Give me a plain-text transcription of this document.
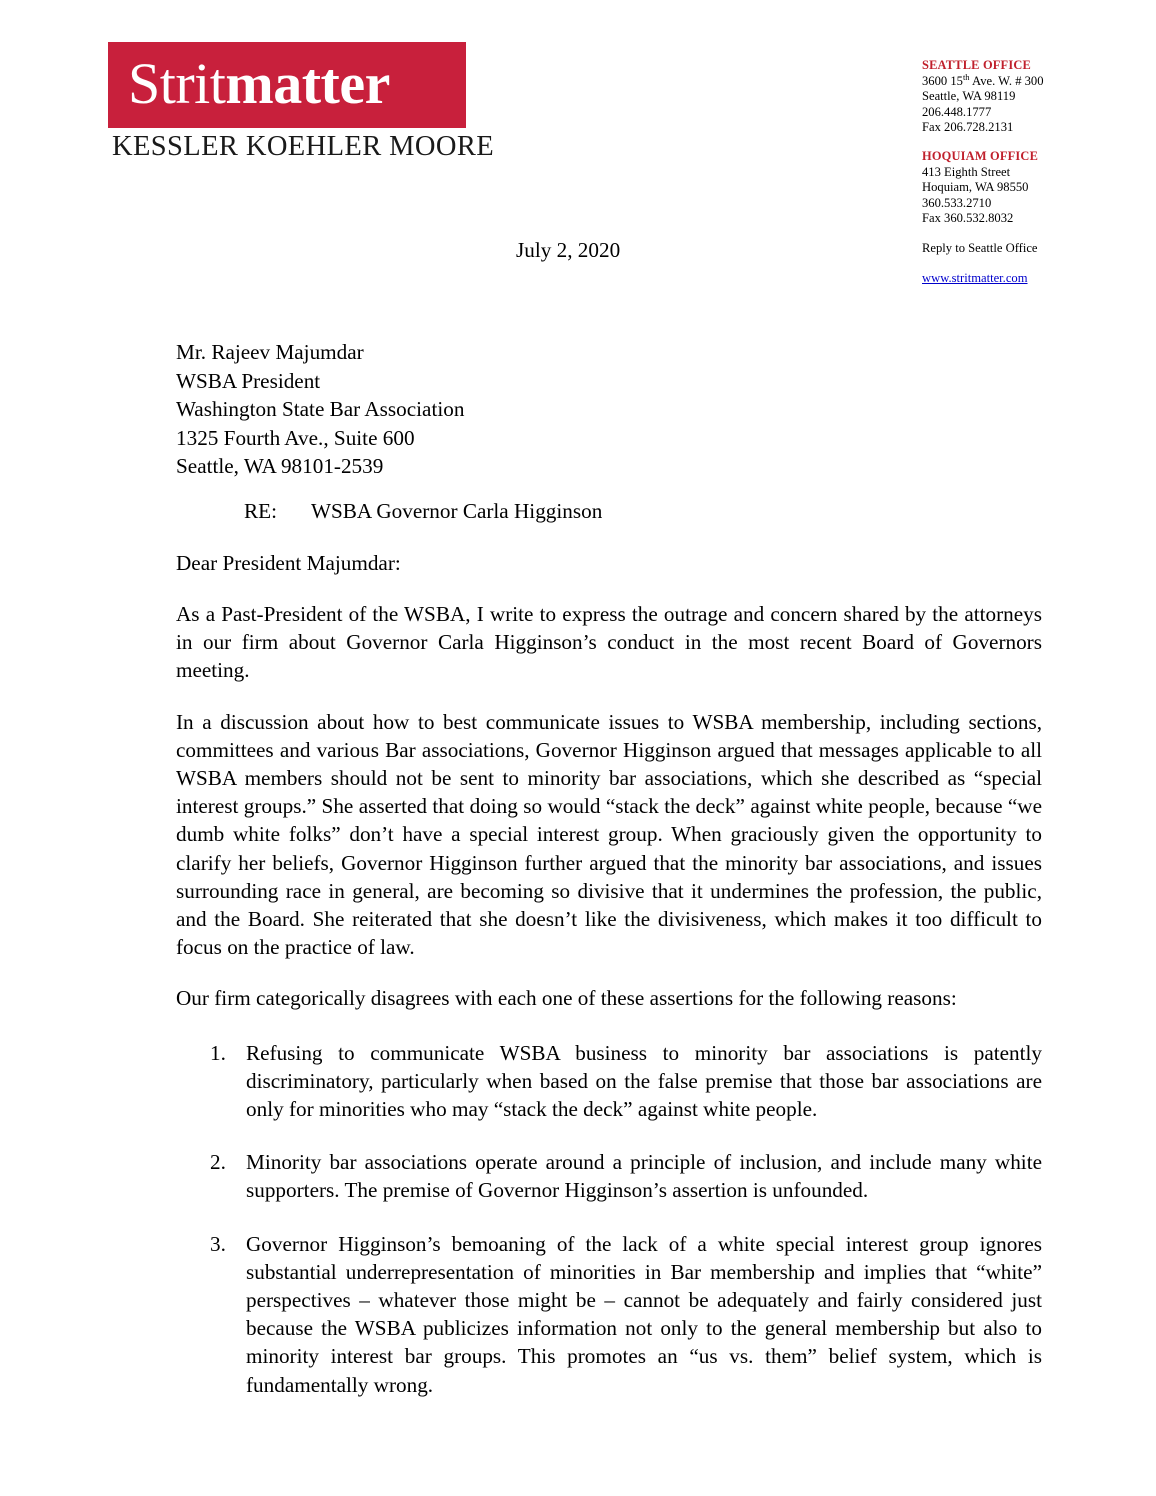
Stritmatter
KESSLER KOEHLER MOORE
SEATTLE OFFICE
3600 15th Ave. W. # 300
Seattle, WA 98119
206.448.1777
Fax 206.728.2131
HOQUIAM OFFICE
413 Eighth Street
Hoquiam, WA 98550
360.533.2710
Fax 360.532.8032
Reply to Seattle Office
www.stritmatter.com
July 2, 2020
Mr. Rajeev Majumdar
WSBA President
Washington State Bar Association
1325 Fourth Ave., Suite 600
Seattle, WA 98101-2539
RE: WSBA Governor Carla Higginson
Dear President Majumdar:

As a Past-President of the WSBA, I write to express the outrage and concern shared by the attorneys in our firm about Governor Carla Higginson’s conduct in the most recent Board of Governors meeting.

In a discussion about how to best communicate issues to WSBA membership, including sections, committees and various Bar associations, Governor Higginson argued that messages applicable to all WSBA members should not be sent to minority bar associations, which she described as “special interest groups.” She asserted that doing so would “stack the deck” against white people, because “we dumb white folks” don’t have a special interest group. When graciously given the opportunity to clarify her beliefs, Governor Higginson further argued that the minority bar associations, and issues surrounding race in general, are becoming so divisive that it undermines the profession, the public, and the Board. She reiterated that she doesn’t like the divisiveness, which makes it too difficult to focus on the practice of law.

Our firm categorically disagrees with each one of these assertions for the following reasons:

Refusing to communicate WSBA business to minority bar associations is patently discriminatory, particularly when based on the false premise that those bar associations are only for minorities who may “stack the deck” against white people.
Minority bar associations operate around a principle of inclusion, and include many white supporters. The premise of Governor Higginson’s assertion is unfounded.
Governor Higginson’s bemoaning of the lack of a white special interest group ignores substantial underrepresentation of minorities in Bar membership and implies that “white” perspectives – whatever those might be – cannot be adequately and fairly considered just because the WSBA publicizes information not only to the general membership but also to minority interest bar groups. This promotes an “us vs. them” belief system, which is fundamentally wrong.
